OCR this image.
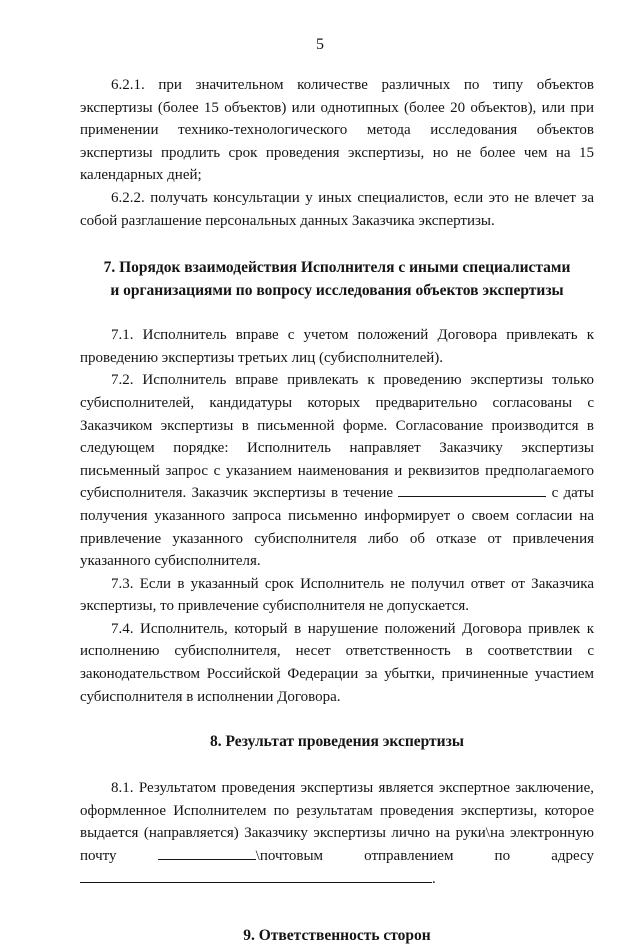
5

6.2.1. при значительном количестве различных по типу объектов экспертизы (более 15 объектов) или однотипных (более 20 объектов), или при применении технико-технологического метода исследования объектов экспертизы продлить срок проведения экспертизы, но не более чем на 15 календарных дней;

6.2.2. получать консультации у иных специалистов, если это не влечет за собой разглашение персональных данных Заказчика экспертизы.

7. Порядок взаимодействия Исполнителя с иными специалистами
и организациями по вопросу исследования объектов экспертизы

7.1. Исполнитель вправе с учетом положений Договора привлекать к проведению экспертизы третьих лиц (субисполнителей).

7.2. Исполнитель вправе привлекать к проведению экспертизы только субисполнителей, кандидатуры которых предварительно согласованы с Заказчиком экспертизы в письменной форме. Согласование производится в следующем порядке: Исполнитель направляет Заказчику экспертизы письменный запрос с указанием наименования и реквизитов предполагаемого субисполнителя. Заказчик экспертизы в течение	с даты получения указанного запроса письменно информирует о своем согласии на привлечение указанного субисполнителя либо об отказе от привлечения указанного субисполнителя.

7.3. Если в указанный срок Исполнитель не получил ответ от Заказчика экспертизы, то привлечение субисполнителя не допускается.

7.4. Исполнитель, который в нарушение положений Договора привлек к исполнению субисполнителя, несет ответственность в соответствии с законодательством Российской Федерации за убытки, причиненные участием субисполнителя в исполнении Договора.

8. Результат проведения экспертизы

8.1. Результатом проведения экспертизы является экспертное заключение, оформленное Исполнителем по результатам проведения экспертизы, которое выдается (направляется) Заказчику экспертизы лично на руки\на электронную почту	\почтовым отправлением по адресу

.

9. Ответственность сторон
